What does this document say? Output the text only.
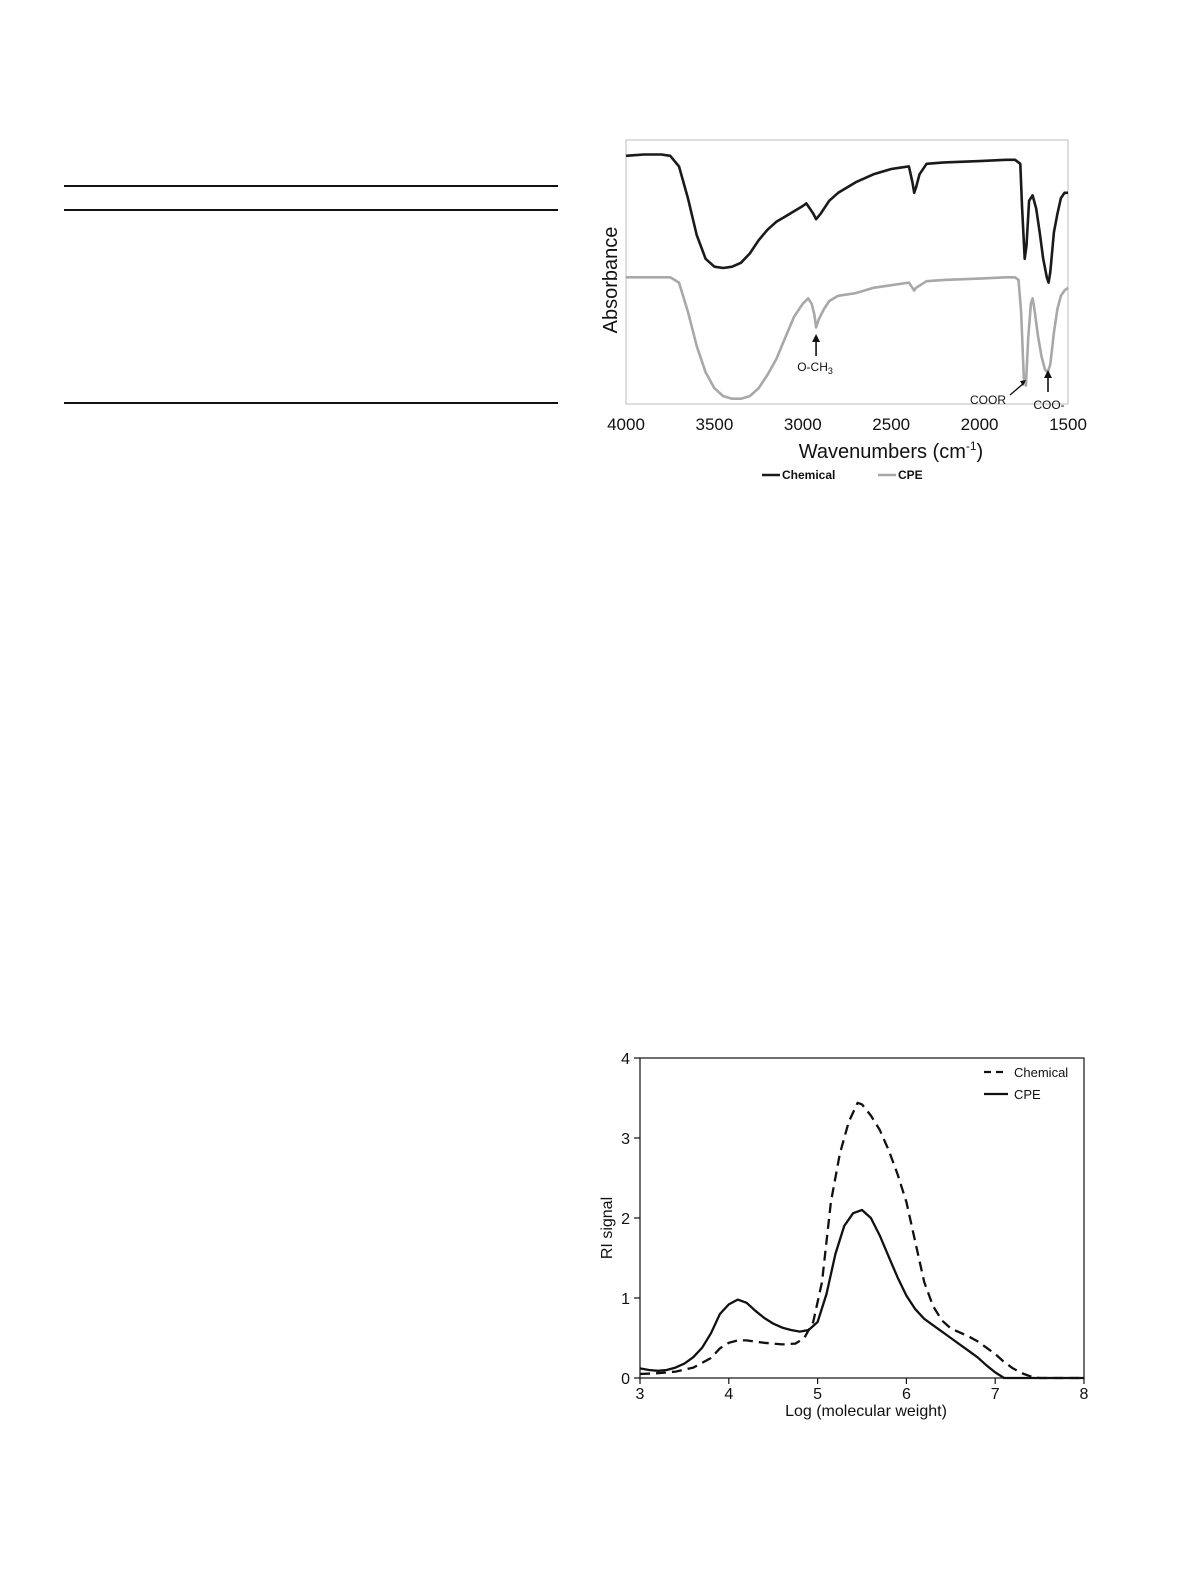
4000	3500	3000	2500	2000	1500
Wavenumbers $(cm^{-1})$
Absorbance
$O-CH_3$
COOR COO-
Chemical	CPE
3	4	5	6	7	8
0
1
2
3
4
Log (molecular weight)
RI signal
Chemical
CPE
